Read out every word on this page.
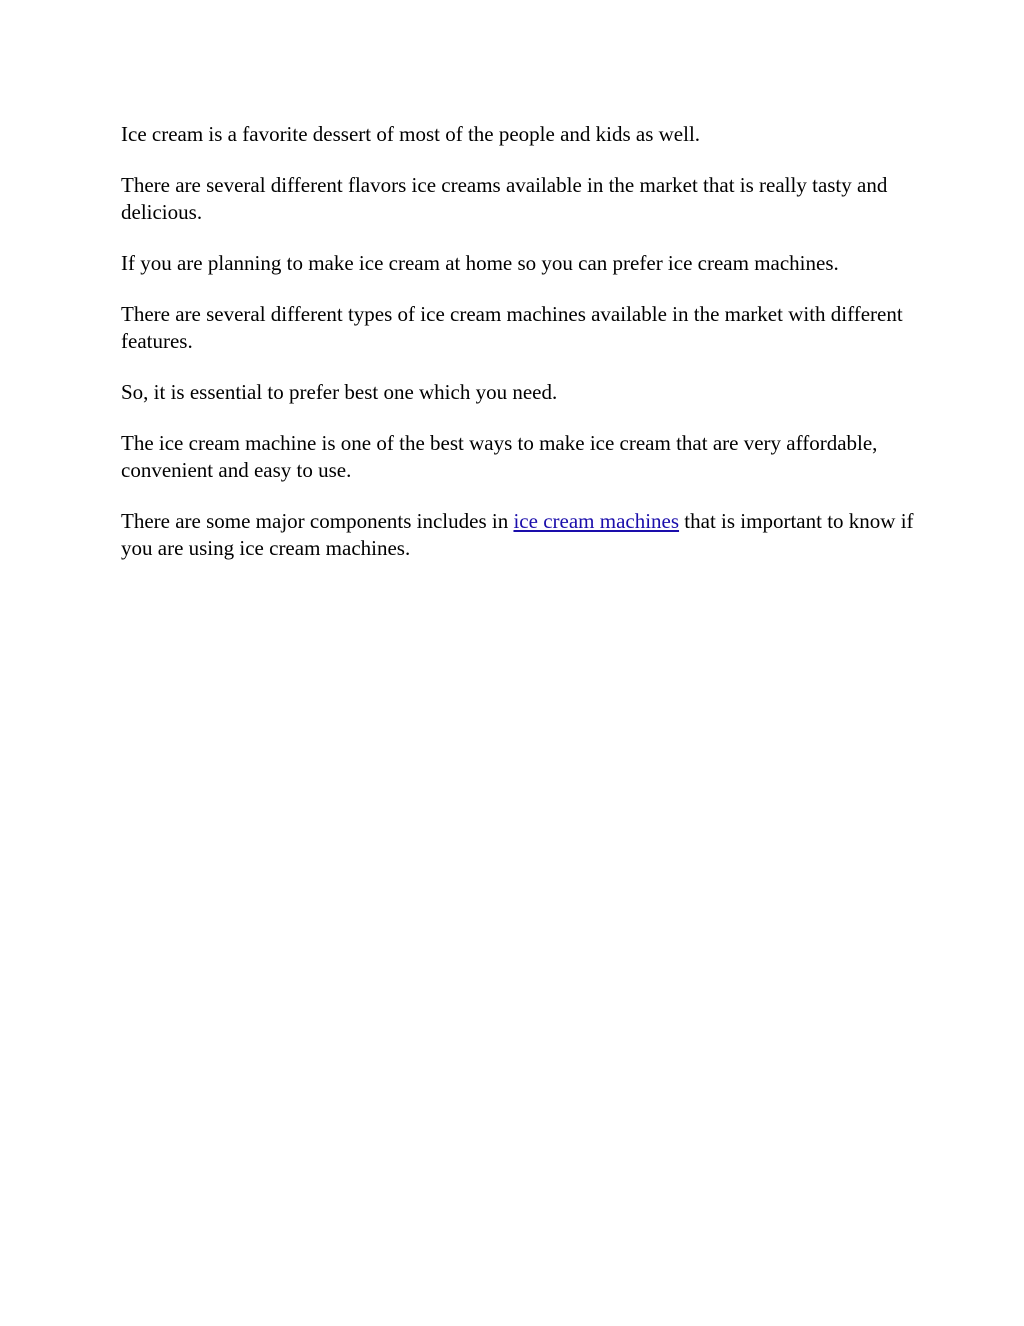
Ice cream is a favorite dessert of most of the people and kids as well.

There are several different flavors ice creams available in the market that is really tasty and delicious.

If you are planning to make ice cream at home so you can prefer ice cream machines.

There are several different types of ice cream machines available in the market with different features.

So, it is essential to prefer best one which you need.

The ice cream machine is one of the best ways to make ice cream that are very affordable, convenient and easy to use.

There are some major components includes in ice cream machines that is important to know if you are using ice cream machines.
